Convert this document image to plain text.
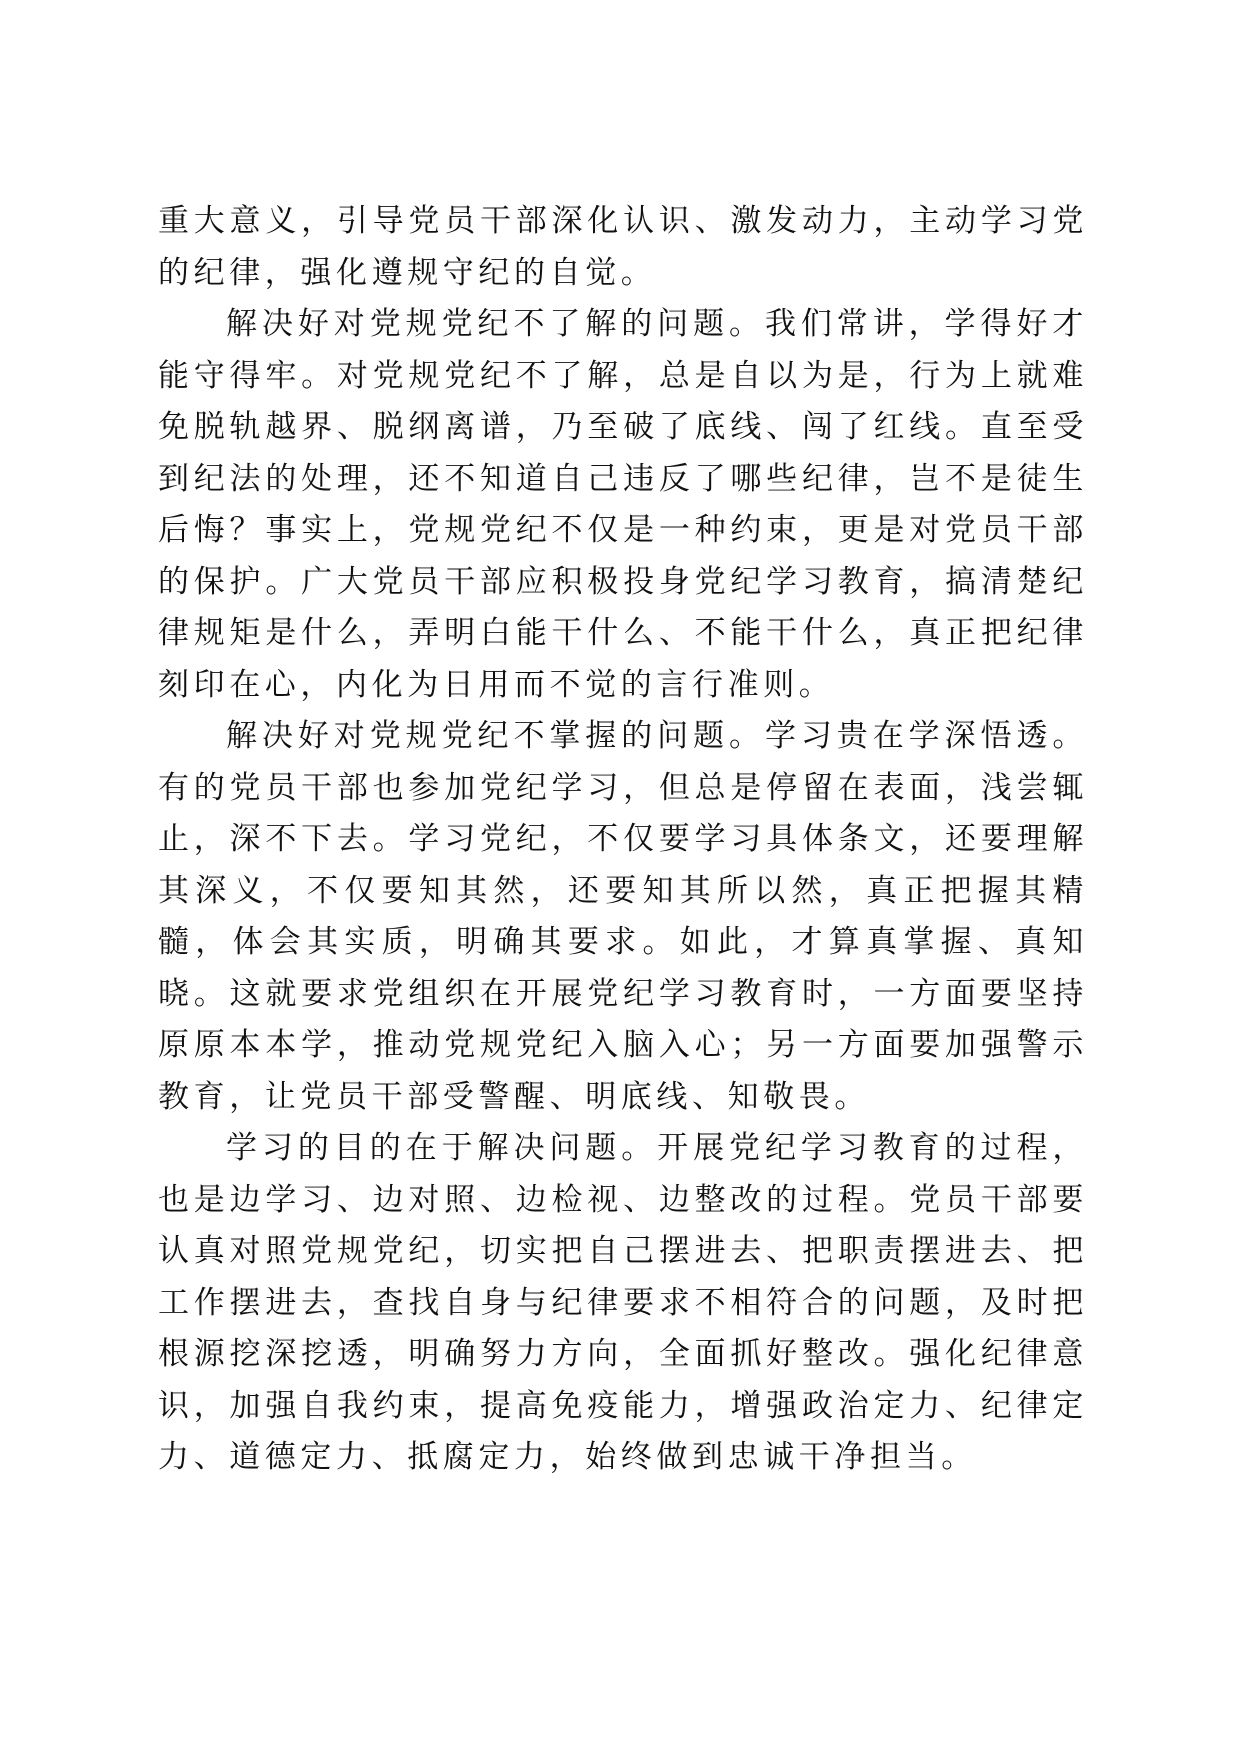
重大意义，引导党员干部深化认识、激发动力，主动学习党的纪律，强化遵规守纪的自觉。

解决好对党规党纪不了解的问题。我们常讲，学得好才能守得牢。对党规党纪不了解，总是自以为是，行为上就难免脱轨越界、脱纲离谱，乃至破了底线、闯了红线。直至受到纪法的处理，还不知道自己违反了哪些纪律，岂不是徒生后悔？事实上，党规党纪不仅是一种约束，更是对党员干部的保护。广大党员干部应积极投身党纪学习教育，搞清楚纪律规矩是什么，弄明白能干什么、不能干什么，真正把纪律刻印在心，内化为日用而不觉的言行准则。

解决好对党规党纪不掌握的问题。学习贵在学深悟透。有的党员干部也参加党纪学习，但总是停留在表面，浅尝辄止，深不下去。学习党纪，不仅要学习具体条文，还要理解其深义，不仅要知其然，还要知其所以然，真正把握其精髓，体会其实质，明确其要求。如此，才算真掌握、真知晓。这就要求党组织在开展党纪学习教育时，一方面要坚持原原本本学，推动党规党纪入脑入心；另一方面要加强警示教育，让党员干部受警醒、明底线、知敬畏。

学习的目的在于解决问题。开展党纪学习教育的过程，也是边学习、边对照、边检视、边整改的过程。党员干部要认真对照党规党纪，切实把自己摆进去、把职责摆进去、把工作摆进去，查找自身与纪律要求不相符合的问题，及时把根源挖深挖透，明确努力方向，全面抓好整改。强化纪律意识，加强自我约束，提高免疫能力，增强政治定力、纪律定力、道德定力、抵腐定力，始终做到忠诚干净担当。
